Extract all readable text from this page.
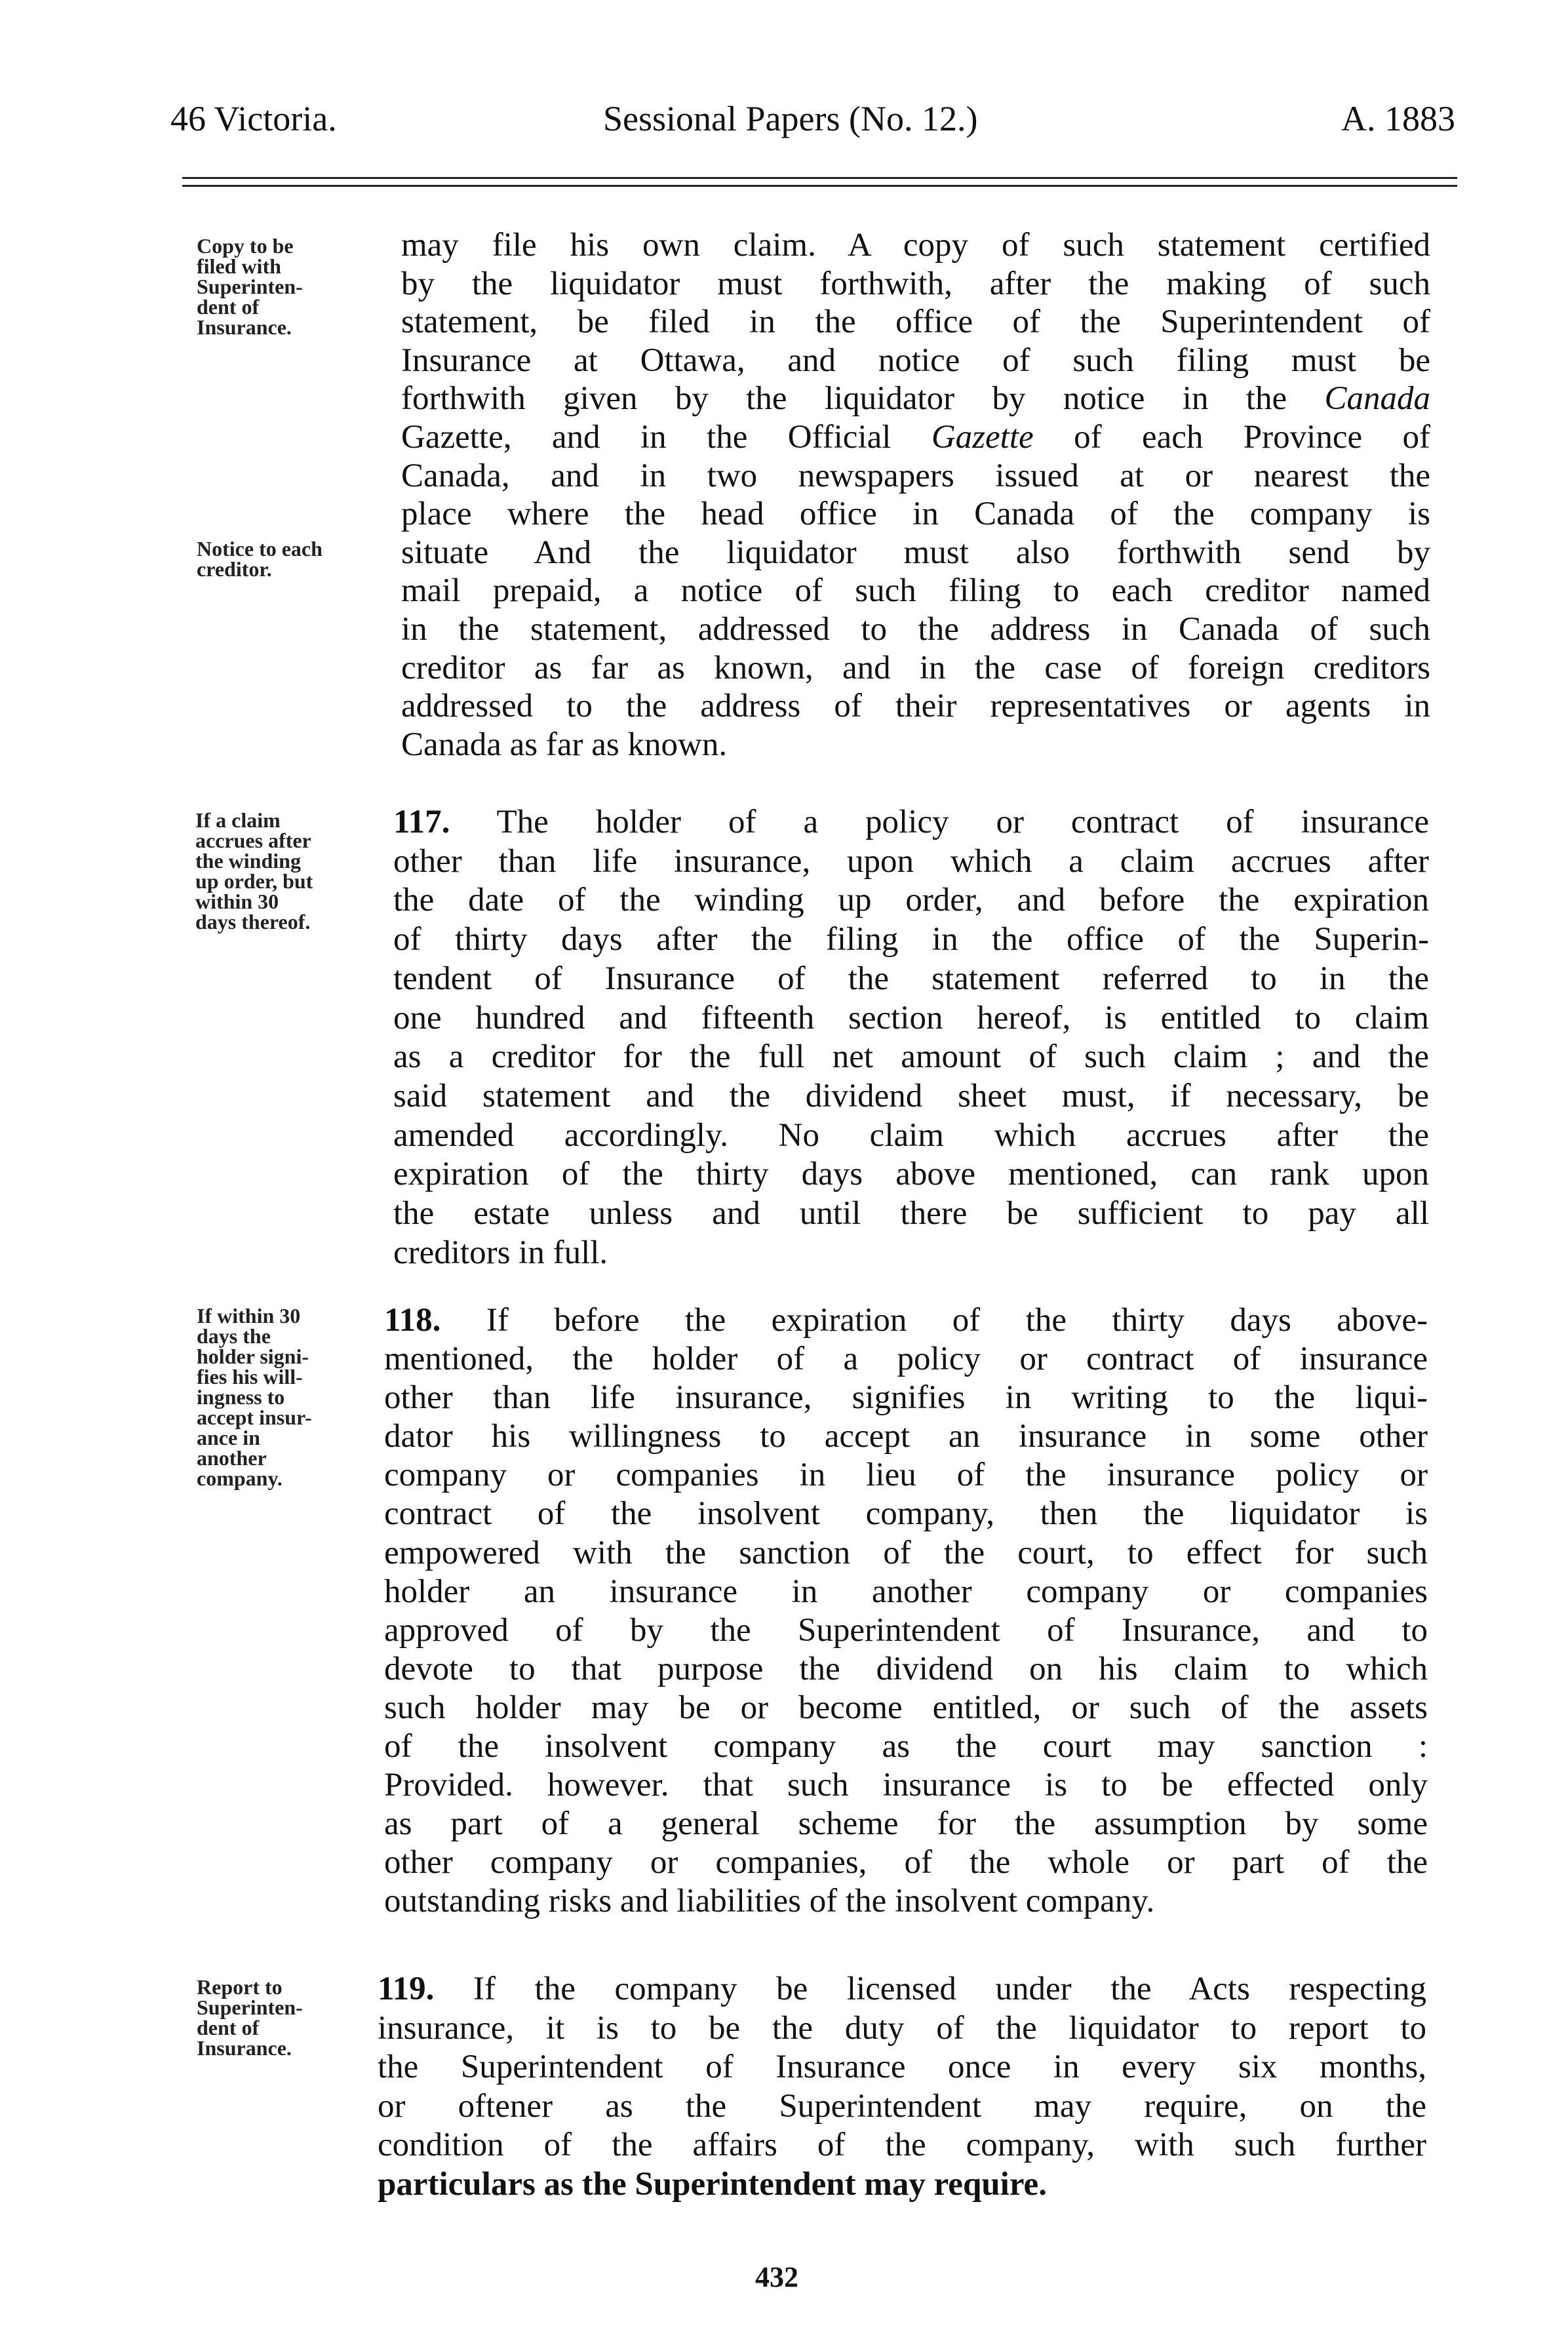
46 Victoria.	Sessional Papers (No. 12.)	A. 1883
Copy to be
filed with
Superinten-
dent of
Insurance.
Notice to each
creditor.
If a claim
accrues after
the winding
up order, but
within 30
days thereof.
If within 30
days the
holder signi-
fies his will-
ingness to
accept insur-
ance in
another
company.
Report to
Superinten-
dent of
Insurance.
may file his own claim. A copy of such statement certified
by the liquidator must forthwith, after the making of such
statement, be filed in the office of the Superintendent of
Insurance at Ottawa, and notice of such filing must be
forthwith given by the liquidator by notice in the Canada
Gazette, and in the Official Gazette of each Province of
Canada, and in two newspapers issued at or nearest the
place where the head office in Canada of the company is
situate And the liquidator must also forthwith send by
mail prepaid, a notice of such filing to each creditor named
in the statement, addressed to the address in Canada of such
creditor as far as known, and in the case of foreign creditors
addressed to the address of their representatives or agents in
Canada as far as known.
117. The holder of a policy or contract of insurance
other than life insurance, upon which a claim accrues after
the date of the winding up order, and before the expiration
of thirty days after the filing in the office of the Superin-
tendent of Insurance of the statement referred to in the
one hundred and fifteenth section hereof, is entitled to claim
as a creditor for the full net amount of such claim ; and the
said statement and the dividend sheet must, if necessary, be
amended accordingly. No claim which accrues after the
expiration of the thirty days above mentioned, can rank upon
the estate unless and until there be sufficient to pay all
creditors in full.
118. If before the expiration of the thirty days above-
mentioned, the holder of a policy or contract of insurance
other than life insurance, signifies in writing to the liqui-
dator his willingness to accept an insurance in some other
company or companies in lieu of the insurance policy or
contract of the insolvent company, then the liquidator is
empowered with the sanction of the court, to effect for such
holder an insurance in another company or companies
approved of by the Superintendent of Insurance, and to
devote to that purpose the dividend on his claim to which
such holder may be or become entitled, or such of the assets
of the insolvent company as the court may sanction :
Provided. however. that such insurance is to be effected only
as part of a general scheme for the assumption by some
other company or companies, of the whole or part of the
outstanding risks and liabilities of the insolvent company.
119. If the company be licensed under the Acts respecting
insurance, it is to be the duty of the liquidator to report to
the Superintendent of Insurance once in every six months,
or oftener as the Superintendent may require, on the
condition of the affairs of the company, with such further
particulars as the Superintendent may require.
432
